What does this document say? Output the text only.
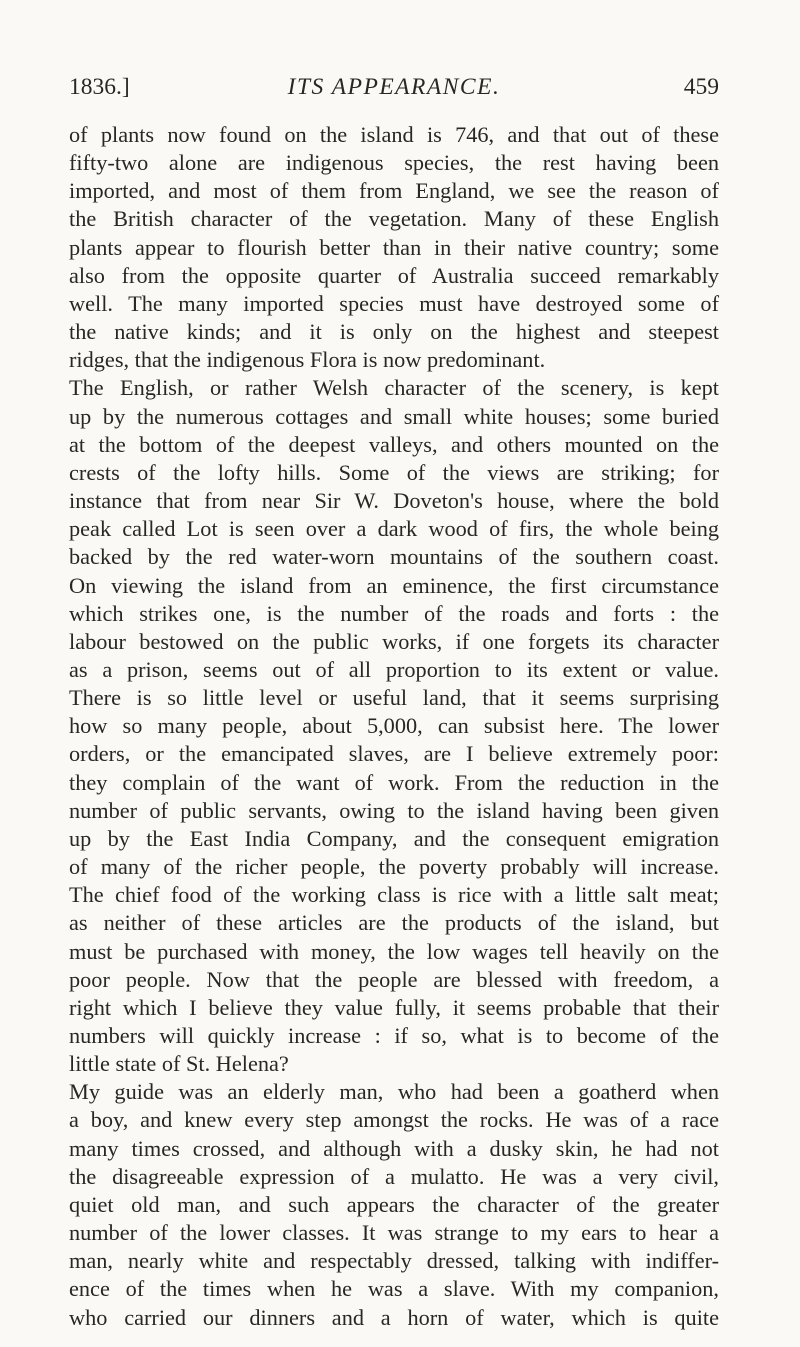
1836.]	ITS APPEARANCE.	459
of plants now found on the island is 746, and that out of these
fifty-two alone are indigenous species, the rest having been
imported, and most of them from England, we see the reason of
the British character of the vegetation. Many of these English
plants appear to flourish better than in their native country; some
also from the opposite quarter of Australia succeed remarkably
well. The many imported species must have destroyed some of
the native kinds; and it is only on the highest and steepest
ridges, that the indigenous Flora is now predominant.
The English, or rather Welsh character of the scenery, is kept
up by the numerous cottages and small white houses; some buried
at the bottom of the deepest valleys, and others mounted on the
crests of the lofty hills. Some of the views are striking; for
instance that from near Sir W. Doveton's house, where the bold
peak called Lot is seen over a dark wood of firs, the whole being
backed by the red water-worn mountains of the southern coast.
On viewing the island from an eminence, the first circumstance
which strikes one, is the number of the roads and forts : the
labour bestowed on the public works, if one forgets its character
as a prison, seems out of all proportion to its extent or value.
There is so little level or useful land, that it seems surprising
how so many people, about 5,000, can subsist here. The lower
orders, or the emancipated slaves, are I believe extremely poor:
they complain of the want of work. From the reduction in the
number of public servants, owing to the island having been given
up by the East India Company, and the consequent emigration
of many of the richer people, the poverty probably will increase.
The chief food of the working class is rice with a little salt meat;
as neither of these articles are the products of the island, but
must be purchased with money, the low wages tell heavily on the
poor people. Now that the people are blessed with freedom, a
right which I believe they value fully, it seems probable that their
numbers will quickly increase : if so, what is to become of the
little state of St. Helena?
My guide was an elderly man, who had been a goatherd when
a boy, and knew every step amongst the rocks. He was of a race
many times crossed, and although with a dusky skin, he had not
the disagreeable expression of a mulatto. He was a very civil,
quiet old man, and such appears the character of the greater
number of the lower classes. It was strange to my ears to hear a
man, nearly white and respectably dressed, talking with indiffer-
ence of the times when he was a slave. With my companion,
who carried our dinners and a horn of water, which is quite
